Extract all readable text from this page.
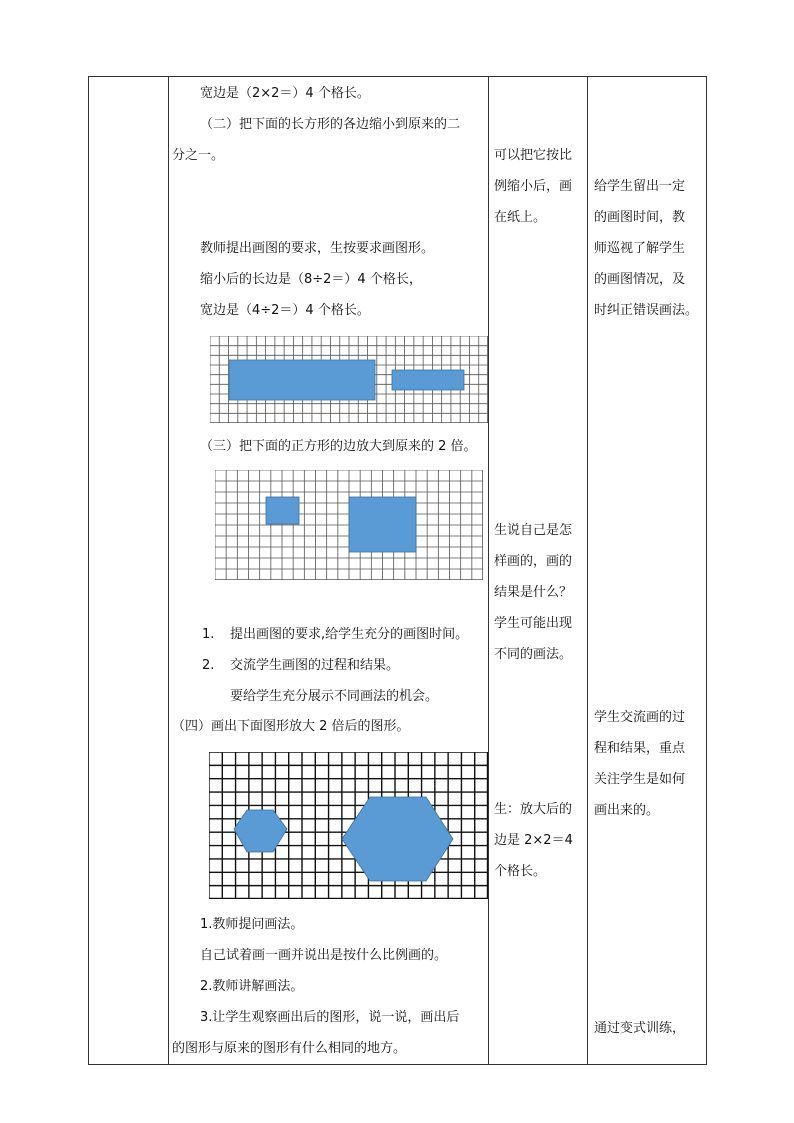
宽边是（2×2＝）4 个格长。
（二）把下面的长方形的各边缩小到原来的二
分之一。
教师提出画图的要求，生按要求画图形。
缩小后的长边是（8÷2＝）4 个格长，
宽边是（4÷2＝）4 个格长。
（三）把下面的正方形的边放大到原来的 2 倍。
1. 提出画图的要求,给学生充分的画图时间。
2. 交流学生画图的过程和结果。
要给学生充分展示不同画法的机会。
（四）画出下面图形放大 2 倍后的图形。
1.教师提问画法。
自己试着画一画并说出是按什么比例画的。
2.教师讲解画法。
3.让学生观察画出后的图形，说一说，画出后
的图形与原来的图形有什么相同的地方。
可以把它按比
例缩小后，画
在纸上。
生说自己是怎
样画的，画的
结果是什么？
学生可能出现
不同的画法。
生：放大后的
边是 2×2＝4
个格长。
给学生留出一定
的画图时间，教
师巡视了解学生
的画图情况，及
时纠正错误画法。
学生交流画的过
程和结果，重点
关注学生是如何
画出来的。
通过变式训练，
